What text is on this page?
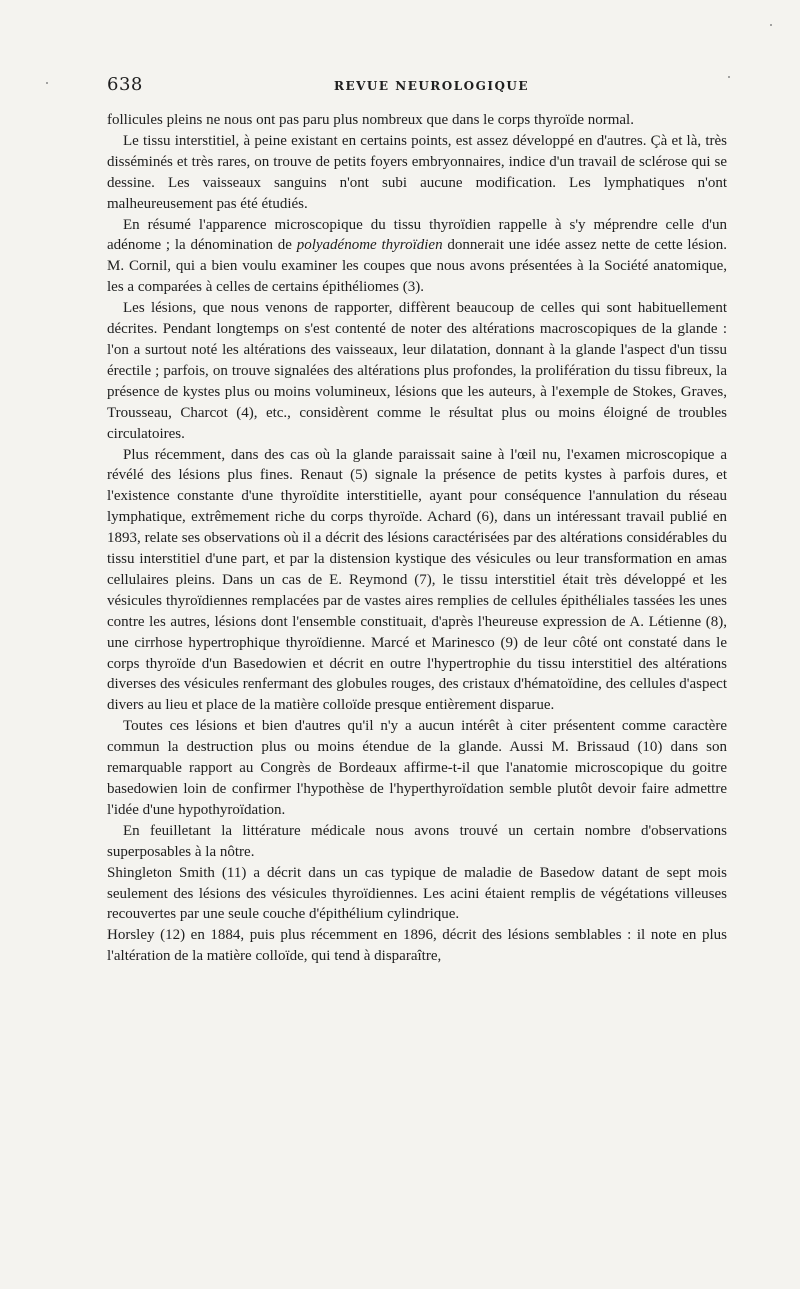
638	REVUE NEUROLOGIQUE

follicules pleins ne nous ont pas paru plus nombreux que dans le corps thyroïde normal.

Le tissu interstitiel, à peine existant en certains points, est assez développé en d'autres. Çà et là, très disséminés et très rares, on trouve de petits foyers embryonnaires, indice d'un travail de sclérose qui se dessine. Les vaisseaux sanguins n'ont subi aucune modification. Les lymphatiques n'ont malheureusement pas été étudiés.

En résumé l'apparence microscopique du tissu thyroïdien rappelle à s'y méprendre celle d'un adénome ; la dénomination de polyadénome thyroïdien donnerait une idée assez nette de cette lésion. M. Cornil, qui a bien voulu examiner les coupes que nous avons présentées à la Société anatomique, les a comparées à celles de certains épithéliomes (3).

Les lésions, que nous venons de rapporter, diffèrent beaucoup de celles qui sont habituellement décrites. Pendant longtemps on s'est contenté de noter des altérations macroscopiques de la glande : l'on a surtout noté les altérations des vaisseaux, leur dilatation, donnant à la glande l'aspect d'un tissu érectile ; parfois, on trouve signalées des altérations plus profondes, la prolifération du tissu fibreux, la présence de kystes plus ou moins volumineux, lésions que les auteurs, à l'exemple de Stokes, Graves, Trousseau, Charcot (4), etc., considèrent comme le résultat plus ou moins éloigné de troubles circulatoires.

Plus récemment, dans des cas où la glande paraissait saine à l'œil nu, l'examen microscopique a révélé des lésions plus fines. Renaut (5) signale la présence de petits kystes à parfois dures, et l'existence constante d'une thyroïdite interstitielle, ayant pour conséquence l'annulation du réseau lymphatique, extrêmement riche du corps thyroïde. Achard (6), dans un intéressant travail publié en 1893, relate ses observations où il a décrit des lésions caractérisées par des altérations considérables du tissu interstitiel d'une part, et par la distension kystique des vésicules ou leur transformation en amas cellulaires pleins. Dans un cas de E. Reymond (7), le tissu interstitiel était très développé et les vésicules thyroïdiennes remplacées par de vastes aires remplies de cellules épithéliales tassées les unes contre les autres, lésions dont l'ensemble constituait, d'après l'heureuse expression de A. Létienne (8), une cirrhose hypertrophique thyroïdienne. Marcé et Marinesco (9) de leur côté ont constaté dans le corps thyroïde d'un Basedowien et décrit en outre l'hypertrophie du tissu interstitiel des altérations diverses des vésicules renfermant des globules rouges, des cristaux d'hématoïdine, des cellules d'aspect divers au lieu et place de la matière colloïde presque entièrement disparue.

Toutes ces lésions et bien d'autres qu'il n'y a aucun intérêt à citer présentent comme caractère commun la destruction plus ou moins étendue de la glande. Aussi M. Brissaud (10) dans son remarquable rapport au Congrès de Bordeaux affirme-t-il que l'anatomie microscopique du goitre basedowien loin de confirmer l'hypothèse de l'hyperthyroïdation semble plutôt devoir faire admettre l'idée d'une hypothyroïdation.

En feuilletant la littérature médicale nous avons trouvé un certain nombre d'observations superposables à la nôtre.

Shingleton Smith (11) a décrit dans un cas typique de maladie de Basedow datant de sept mois seulement des lésions des vésicules thyroïdiennes. Les acini étaient remplis de végétations villeuses recouvertes par une seule couche d'épithélium cylindrique.

Horsley (12) en 1884, puis plus récemment en 1896, décrit des lésions semblables : il note en plus l'altération de la matière colloïde, qui tend à disparaître,
